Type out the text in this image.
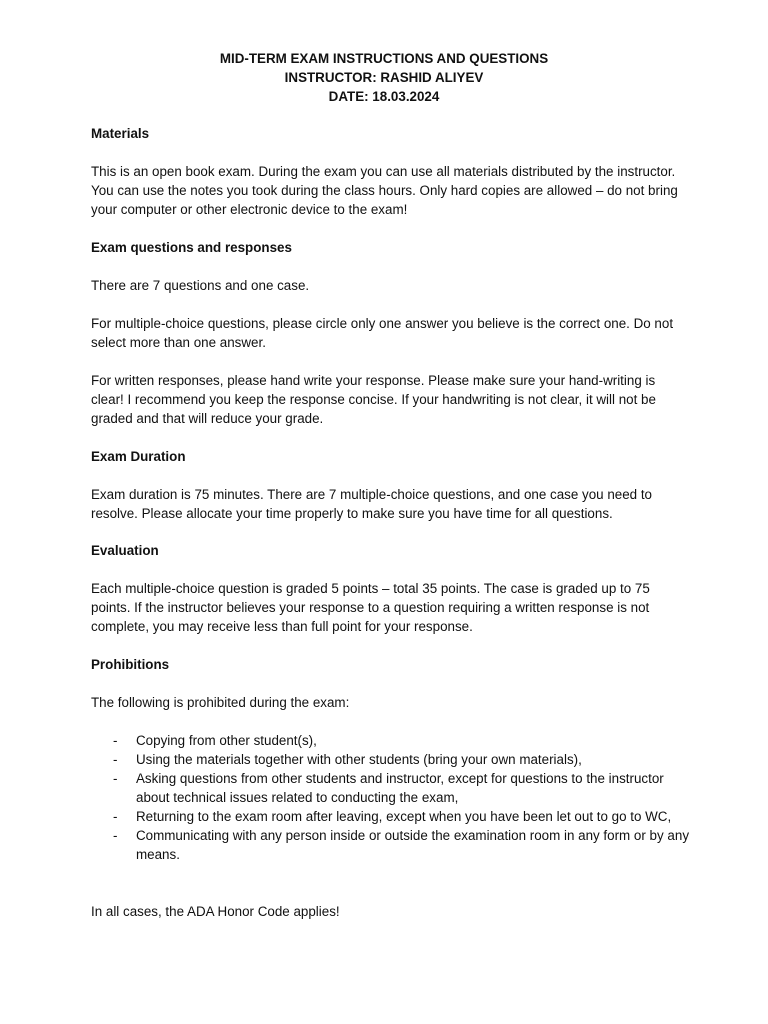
MID-TERM EXAM INSTRUCTIONS AND QUESTIONS
INSTRUCTOR: RASHID ALIYEV
DATE: 18.03.2024
Materials

This is an open book exam. During the exam you can use all materials distributed by the instructor. You can use the notes you took during the class hours. Only hard copies are allowed – do not bring your computer or other electronic device to the exam!

Exam questions and responses

There are 7 questions and one case.

For multiple-choice questions, please circle only one answer you believe is the correct one. Do not select more than one answer.

For written responses, please hand write your response. Please make sure your hand-writing is clear! I recommend you keep the response concise. If your handwriting is not clear, it will not be graded and that will reduce your grade.

Exam Duration

Exam duration is 75 minutes. There are 7 multiple-choice questions, and one case you need to resolve. Please allocate your time properly to make sure you have time for all questions.

Evaluation

Each multiple-choice question is graded 5 points – total 35 points. The case is graded up to 75 points. If the instructor believes your response to a question requiring a written response is not complete, you may receive less than full point for your response.

Prohibitions

The following is prohibited during the exam:

- Copying from other student(s),
- Using the materials together with other students (bring your own materials),
- Asking questions from other students and instructor, except for questions to the instructor about technical issues related to conducting the exam,
- Returning to the exam room after leaving, except when you have been let out to go to WC,
- Communicating with any person inside or outside the examination room in any form or by any means.

In all cases, the ADA Honor Code applies!
